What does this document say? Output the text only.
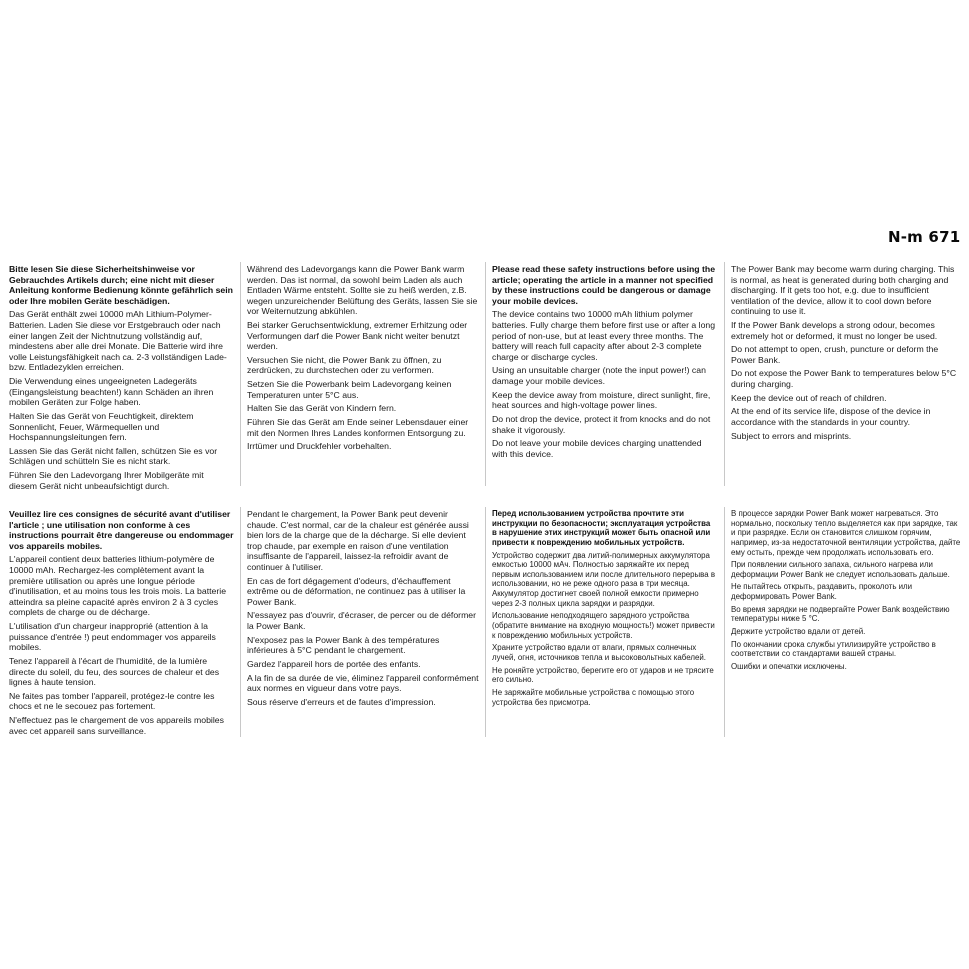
N-m 671

Bitte lesen Sie diese Sicherheitshinweise vor Gebrauchdes Artikels durch; eine nicht mit dieser Anleitung konforme Bedienung könnte gefährlich sein oder Ihre mobilen Geräte beschädigen.

Das Gerät enthält zwei 10000 mAh Lithium-Polymer-Batterien. Laden Sie diese vor Erstgebrauch oder nach einer langen Zeit der Nichtnutzung vollständig auf, mindestens aber alle drei Monate. Die Batterie wird ihre volle Leistungsfähigkeit nach ca. 2-3 vollständigen Lade- bzw. Entladezyklen erreichen.

Die Verwendung eines ungeeigneten Ladegeräts (Eingangsleistung beachten!) kann Schäden an ihren mobilen Geräten zur Folge haben.

Halten Sie das Gerät von Feuchtigkeit, direktem Sonnenlicht, Feuer, Wärmequellen und Hochspannungsleitungen fern.

Lassen Sie das Gerät nicht fallen, schützen Sie es vor Schlägen und schütteln Sie es nicht stark.

Führen Sie den Ladevorgang Ihrer Mobilgeräte mit diesem Gerät nicht unbeaufsichtigt durch.

Während des Ladevorgangs kann die Power Bank warm werden. Das ist normal, da sowohl beim Laden als auch Entladen Wärme entsteht. Sollte sie zu heiß werden, z.B. wegen unzureichender Belüftung des Geräts, lassen Sie sie vor Weiternutzung abkühlen.

Bei starker Geruchsentwicklung, extremer Erhitzung oder Verformungen darf die Power Bank nicht weiter benutzt werden.

Versuchen Sie nicht, die Power Bank zu öffnen, zu zerdrücken, zu durchstechen oder zu verformen.

Setzen Sie die Powerbank beim Ladevorgang keinen Temperaturen unter 5°C aus.

Halten Sie das Gerät von Kindern fern.

Führen Sie das Gerät am Ende seiner Lebensdauer einer mit den Normen Ihres Landes konformen Entsorgung zu.

Irrtümer und Druckfehler vorbehalten.

Please read these safety instructions before using the article; operating the article in a manner not specified by these instructions could be dangerous or damage your mobile devices.

The device contains two 10000 mAh lithium polymer batteries. Fully charge them before first use or after a long period of non-use, but at least every three months. The battery will reach full capacity after about 2-3 complete charge or discharge cycles.

Using an unsuitable charger (note the input power!) can damage your mobile devices.

Keep the device away from moisture, direct sunlight, fire, heat sources and high-voltage power lines.

Do not drop the device, protect it from knocks and do not shake it vigorously.

Do not leave your mobile devices charging unattended with this device.

The Power Bank may become warm during charging. This is normal, as heat is generated during both charging and discharging. If it gets too hot, e.g. due to insufficient ventilation of the device, allow it to cool down before continuing to use it.

If the Power Bank develops a strong odour, becomes extremely hot or deformed, it must no longer be used.

Do not attempt to open, crush, puncture or deform the Power Bank.

Do not expose the Power Bank to temperatures below 5°C during charging.

Keep the device out of reach of children.

At the end of its service life, dispose of the device in accordance with the standards in your country.

Subject to errors and misprints.

Veuillez lire ces consignes de sécurité avant d'utiliser l'article ; une utilisation non conforme à ces instructions pourrait être dangereuse ou endommager vos appareils mobiles.

L'appareil contient deux batteries lithium-polymère de 10000 mAh. Rechargez-les complètement avant la première utilisation ou après une longue période d'inutilisation, et au moins tous les trois mois. La batterie atteindra sa pleine capacité après environ 2 à 3 cycles complets de charge ou de décharge.

L'utilisation d'un chargeur inapproprié (attention à la puissance d'entrée !) peut endommager vos appareils mobiles.

Tenez l'appareil à l'écart de l'humidité, de la lumière directe du soleil, du feu, des sources de chaleur et des lignes à haute tension.

Ne faites pas tomber l'appareil, protégez-le contre les chocs et ne le secouez pas fortement.

N'effectuez pas le chargement de vos appareils mobiles avec cet appareil sans surveillance.

Pendant le chargement, la Power Bank peut devenir chaude. C'est normal, car de la chaleur est générée aussi bien lors de la charge que de la décharge. Si elle devient trop chaude, par exemple en raison d'une ventilation insuffisante de l'appareil, laissez-la refroidir avant de continuer à l'utiliser.

En cas de fort dégagement d'odeurs, d'échauffement extrême ou de déformation, ne continuez pas à utiliser la Power Bank.

N'essayez pas d'ouvrir, d'écraser, de percer ou de déformer la Power Bank.

N'exposez pas la Power Bank à des températures inférieures à 5°C pendant le chargement.

Gardez l'appareil hors de portée des enfants.

A la fin de sa durée de vie, éliminez l'appareil conformément aux normes en vigueur dans votre pays.

Sous réserve d'erreurs et de fautes d'impression.

Перед использованием устройства прочтите эти инструкции по безопасности; эксплуатация устройства в нарушение этих инструкций может быть опасной или привести к повреждению мобильных устройств.

Устройство содержит два литий-полимерных аккумулятора емкостью 10000 мАч. Полностью заряжайте их перед первым использованием или после длительного перерыва в использовании, но не реже одного раза в три месяца. Аккумулятор достигнет своей полной емкости примерно через 2-3 полных цикла зарядки и разрядки.

Использование неподходящего зарядного устройства (обратите внимание на входную мощность!) может привести к повреждению мобильных устройств.

Храните устройство вдали от влаги, прямых солнечных лучей, огня, источников тепла и высоковольтных кабелей.

Не роняйте устройство, берегите его от ударов и не трясите его сильно.

Не заряжайте мобильные устройства с помощью этого устройства без присмотра.

В процессе зарядки Power Bank может нагреваться. Это нормально, поскольку тепло выделяется как при зарядке, так и при разрядке. Если он становится слишком горячим, например, из-за недостаточной вентиляции устройства, дайте ему остыть, прежде чем продолжать использовать его.

При появлении сильного запаха, сильного нагрева или деформации Power Bank не следует использовать дальше.

Не пытайтесь открыть, раздавить, проколоть или деформировать Power Bank.

Во время зарядки не подвергайте Power Bank воздействию температуры ниже 5 °С.

Держите устройство вдали от детей.

По окончании срока службы утилизируйте устройство в соответствии со стандартами вашей страны.

Ошибки и опечатки исключены.
